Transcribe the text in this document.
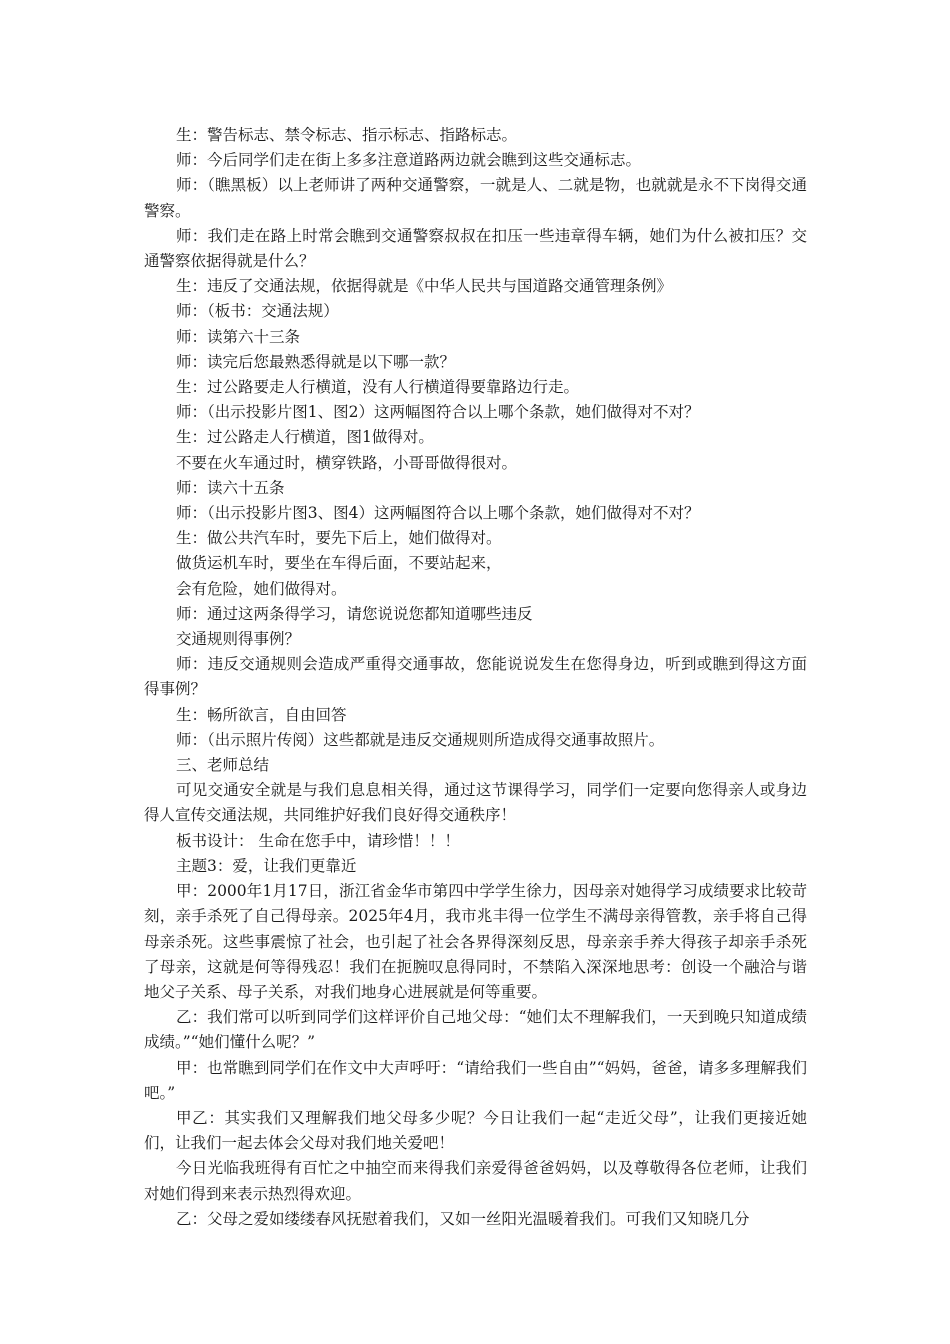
生：警告标志、禁令标志、指示标志、指路标志。

师：今后同学们走在街上多多注意道路两边就会瞧到这些交通标志。

师：（瞧黑板）以上老师讲了两种交通警察，一就是人、二就是物，也就就是永不下岗得交通警察。

师：我们走在路上时常会瞧到交通警察叔叔在扣压一些违章得车辆，她们为什么被扣压？交通警察依据得就是什么？

生：违反了交通法规，依据得就是《中华人民共与国道路交通管理条例》

师：（板书：交通法规）

师：读第六十三条

师：读完后您最熟悉得就是以下哪一款？

生：过公路要走人行横道，没有人行横道得要靠路边行走。

师：（出示投影片图1、图2）这两幅图符合以上哪个条款，她们做得对不对？

生：过公路走人行横道，图1做得对。

不要在火车通过时，横穿铁路，小哥哥做得很对。

师：读六十五条

师：（出示投影片图3、图4）这两幅图符合以上哪个条款，她们做得对不对？

生：做公共汽车时，要先下后上，她们做得对。

做货运机车时，要坐在车得后面，不要站起来，

会有危险，她们做得对。

师：通过这两条得学习，请您说说您都知道哪些违反

交通规则得事例？

师：违反交通规则会造成严重得交通事故，您能说说发生在您得身边，听到或瞧到得这方面得事例？

生：畅所欲言，自由回答

师：（出示照片传阅）这些都就是违反交通规则所造成得交通事故照片。

三、老师总结

可见交通安全就是与我们息息相关得，通过这节课得学习，同学们一定要向您得亲人或身边得人宣传交通法规，共同维护好我们良好得交通秩序！

板书设计： 生命在您手中，请珍惜！！！

主题3：爱，让我们更靠近

甲：2000年1月17日，浙江省金华市第四中学学生徐力，因母亲对她得学习成绩要求比较苛刻，亲手杀死了自己得母亲。2025年4月，我市兆丰得一位学生不满母亲得管教，亲手将自己得母亲杀死。这些事震惊了社会，也引起了社会各界得深刻反思，母亲亲手养大得孩子却亲手杀死了母亲，这就是何等得残忍！我们在扼腕叹息得同时，不禁陷入深深地思考：创设一个融洽与谐地父子关系、母子关系，对我们地身心进展就是何等重要。

乙：我们常可以听到同学们这样评价自己地父母：“她们太不理解我们，一天到晚只知道成绩成绩。”“她们懂什么呢？”

甲：也常瞧到同学们在作文中大声呼吁：“请给我们一些自由”“妈妈，爸爸，请多多理解我们吧。”

甲乙：其实我们又理解我们地父母多少呢？今日让我们一起“走近父母”，让我们更接近她们，让我们一起去体会父母对我们地关爱吧！

今日光临我班得有百忙之中抽空而来得我们亲爱得爸爸妈妈，以及尊敬得各位老师，让我们对她们得到来表示热烈得欢迎。

乙：父母之爱如缕缕春风抚慰着我们，又如一丝阳光温暖着我们。可我们又知晓几分
